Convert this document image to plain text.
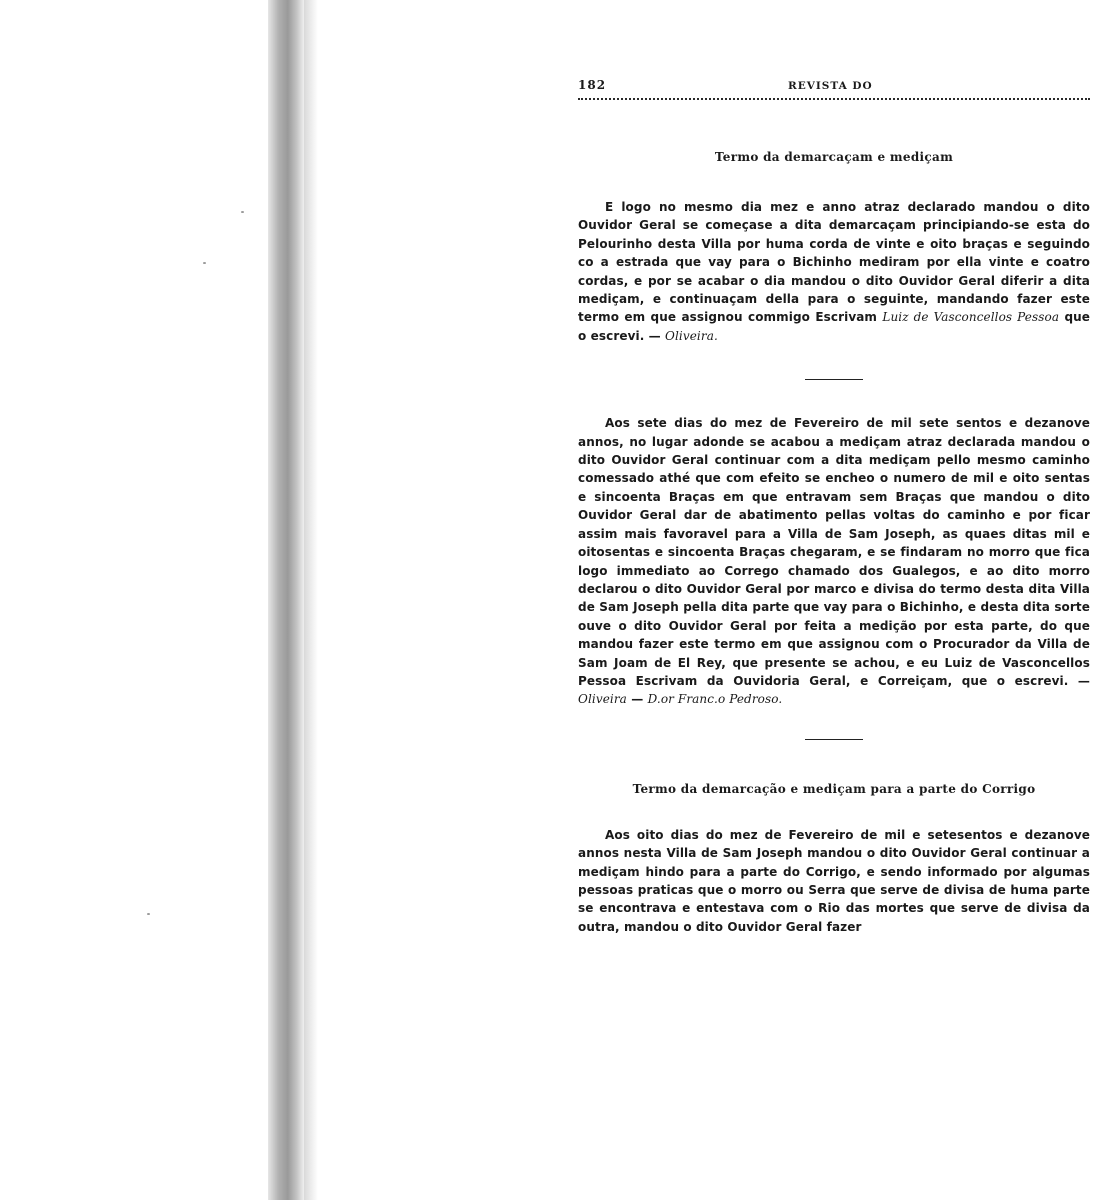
182	REVISTA DO
Termo da demarcaçam e mediçam

E logo no mesmo dia mez e anno atraz declarado mandou o dito Ouvidor Geral se começase a dita demarcaçam principiando-se esta do Pelourinho desta Villa por huma corda de vinte e oito braças e seguindo co a estrada que vay para o Bichinho mediram por ella vinte e coatro cordas, e por se acabar o dia mandou o dito Ouvidor Geral diferir a dita mediçam, e continuaçam della para o seguinte, mandando fazer este termo em que assignou commigo Escrivam Luiz de Vasconcellos Pessoa que o escrevi. — Oliveira.

Aos sete dias do mez de Fevereiro de mil sete sentos e dezanove annos, no lugar adonde se acabou a mediçam atraz declarada mandou o dito Ouvidor Geral continuar com a dita mediçam pello mesmo caminho comessado athé que com efeito se encheo o numero de mil e oito sentas e sincoenta Braças em que entravam sem Braças que mandou o dito Ouvidor Geral dar de abatimento pellas voltas do caminho e por ficar assim mais favoravel para a Villa de Sam Joseph, as quaes ditas mil e oitosentas e sincoenta Braças chegaram, e se findaram no morro que fica logo immediato ao Corrego chamado dos Gualegos, e ao dito morro declarou o dito Ouvidor Geral por marco e divisa do termo desta dita Villa de Sam Joseph pella dita parte que vay para o Bichinho, e desta dita sorte ouve o dito Ouvidor Geral por feita a medição por esta parte, do que mandou fazer este termo em que assignou com o Procurador da Villa de Sam Joam de El Rey, que presente se achou, e eu Luiz de Vasconcellos Pessoa Escrivam da Ouvidoria Geral, e Correiçam, que o escrevi. — Oliveira — D.or Franc.o Pedroso.

Termo da demarcação e mediçam para a parte do Corrigo

Aos oito dias do mez de Fevereiro de mil e setesentos e dezanove annos nesta Villa de Sam Joseph mandou o dito Ouvidor Geral continuar a mediçam hindo para a parte do Corrigo, e sendo informado por algumas pessoas praticas que o morro ou Serra que serve de divisa de huma parte se encontrava e entestava com o Rio das mortes que serve de divisa da outra, mandou o dito Ouvidor Geral fazer
